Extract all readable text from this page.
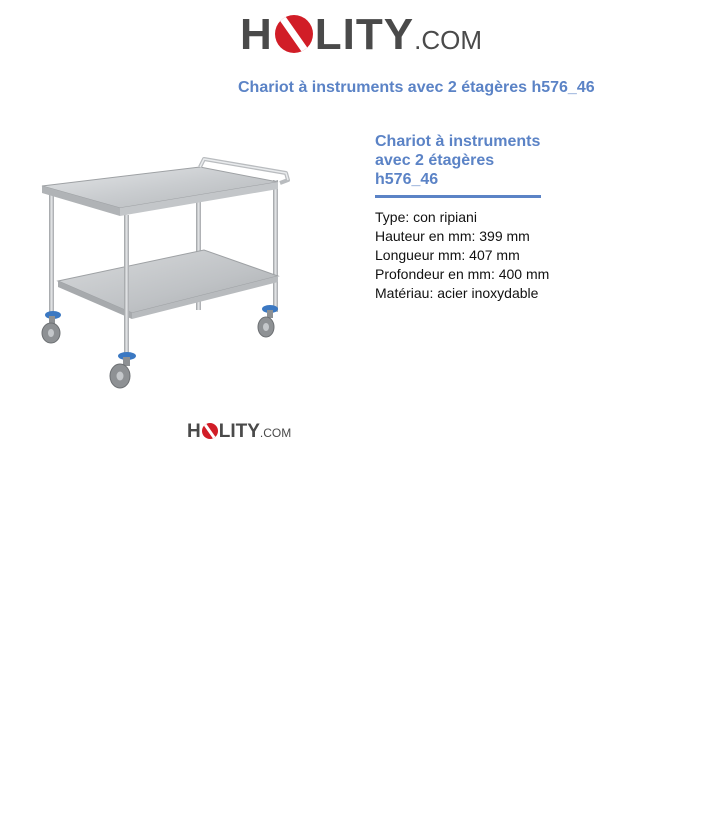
H LITY .COM
Chariot à instruments avec 2 étagères h576_46
H LITY .COM
Chariot à instruments avec 2 étagères h576_46
Type: con ripiani
Hauteur en mm: 399 mm
Longueur mm: 407 mm
Profondeur en mm: 400 mm
Matériau: acier inoxydable
